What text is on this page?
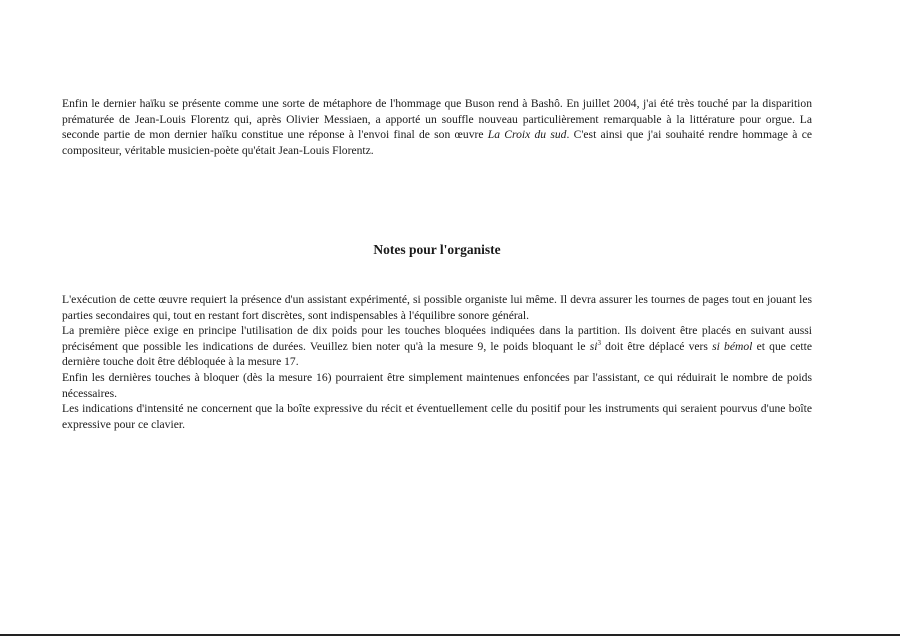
Enfin le dernier haïku se présente comme une sorte de métaphore de l'hommage que Buson rend à Bashô. En juillet 2004, j'ai été très touché par la disparition prématurée de Jean-Louis Florentz qui, après Olivier Messiaen, a apporté un souffle nouveau particulièrement remarquable à la littérature pour orgue. La seconde partie de mon dernier haïku constitue une réponse à l'envoi final de son œuvre La Croix du sud. C'est ainsi que j'ai souhaité rendre hommage à ce compositeur, véritable musicien-poète qu'était Jean-Louis Florentz.
Notes pour l'organiste

L'exécution de cette œuvre requiert la présence d'un assistant expérimenté, si possible organiste lui même. Il devra assurer les tournes de pages tout en jouant les parties secondaires qui, tout en restant fort discrètes, sont indispensables à l'équilibre sonore général.

La première pièce exige en principe l'utilisation de dix poids pour les touches bloquées indiquées dans la partition. Ils doivent être placés en suivant aussi précisément que possible les indications de durées. Veuillez bien noter qu'à la mesure 9, le poids bloquant le $si^3$ doit être déplacé vers si bémol et que cette dernière touche doit être débloquée à la mesure 17.

Enfin les dernières touches à bloquer (dès la mesure 16) pourraient être simplement maintenues enfoncées par l'assistant, ce qui réduirait le nombre de poids nécessaires.

Les indications d'intensité ne concernent que la boîte expressive du récit et éventuellement celle du positif pour les instruments qui seraient pourvus d'une boîte expressive pour ce clavier.
